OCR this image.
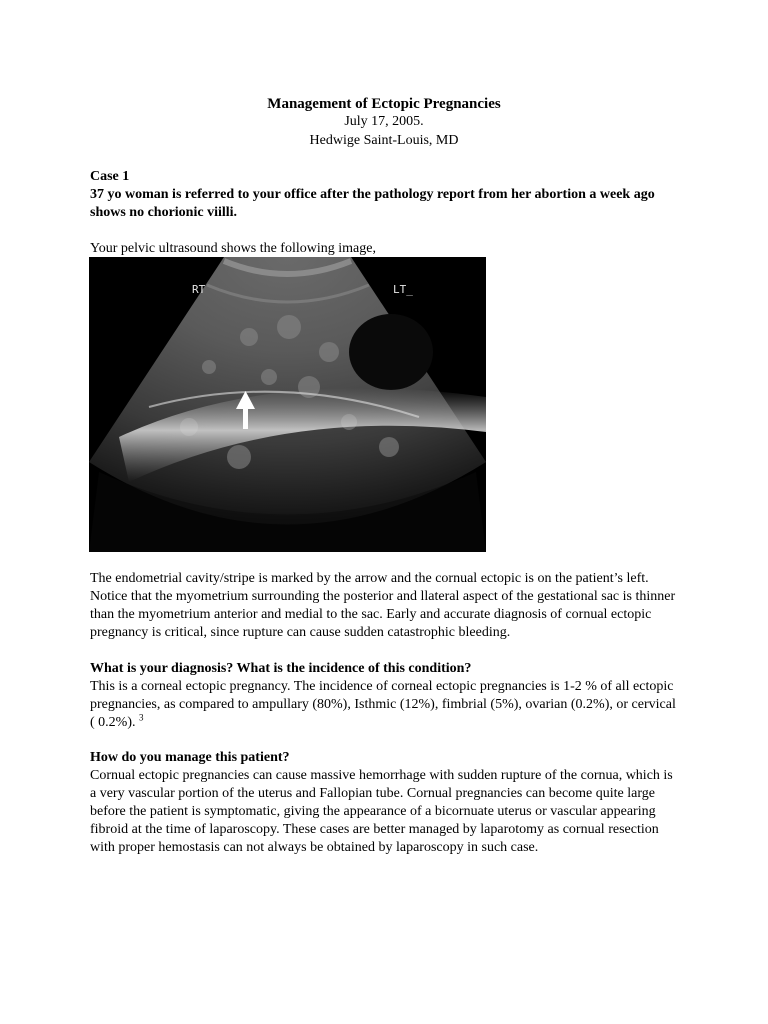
Management of Ectopic Pregnancies
July 17, 2005.
Hedwige Saint-Louis, MD
Case 1
37 yo woman is referred to your office after the pathology report from her abortion a week ago shows no chorionic viilli.
Your pelvic ultrasound shows the following image,
RT	LT_
The endometrial cavity/stripe is marked by the arrow and the cornual ectopic is on the patient’s left. Notice that the myometrium surrounding the posterior and llateral aspect of the gestational sac is thinner than the myometrium anterior and medial to the sac. Early and accurate diagnosis of cornual ectopic pregnancy is critical, since rupture can cause sudden catastrophic bleeding.
What is your diagnosis? What is the incidence of this condition?
This is a corneal ectopic pregnancy. The incidence of corneal ectopic pregnancies is 1-2 % of all ectopic pregnancies, as compared to ampullary (80%), Isthmic (12%), fimbrial (5%), ovarian (0.2%), or cervical ( 0.2%). $^3$
How do you manage this patient?
Cornual ectopic pregnancies can cause massive hemorrhage with sudden rupture of the cornua, which is a very vascular portion of the uterus and Fallopian tube. Cornual pregnancies can become quite large before the patient is symptomatic, giving the appearance of a bicornuate uterus or vascular appearing fibroid at the time of laparoscopy. These cases are better managed by laparotomy as cornual resection with proper hemostasis can not always be obtained by laparoscopy in such case.
